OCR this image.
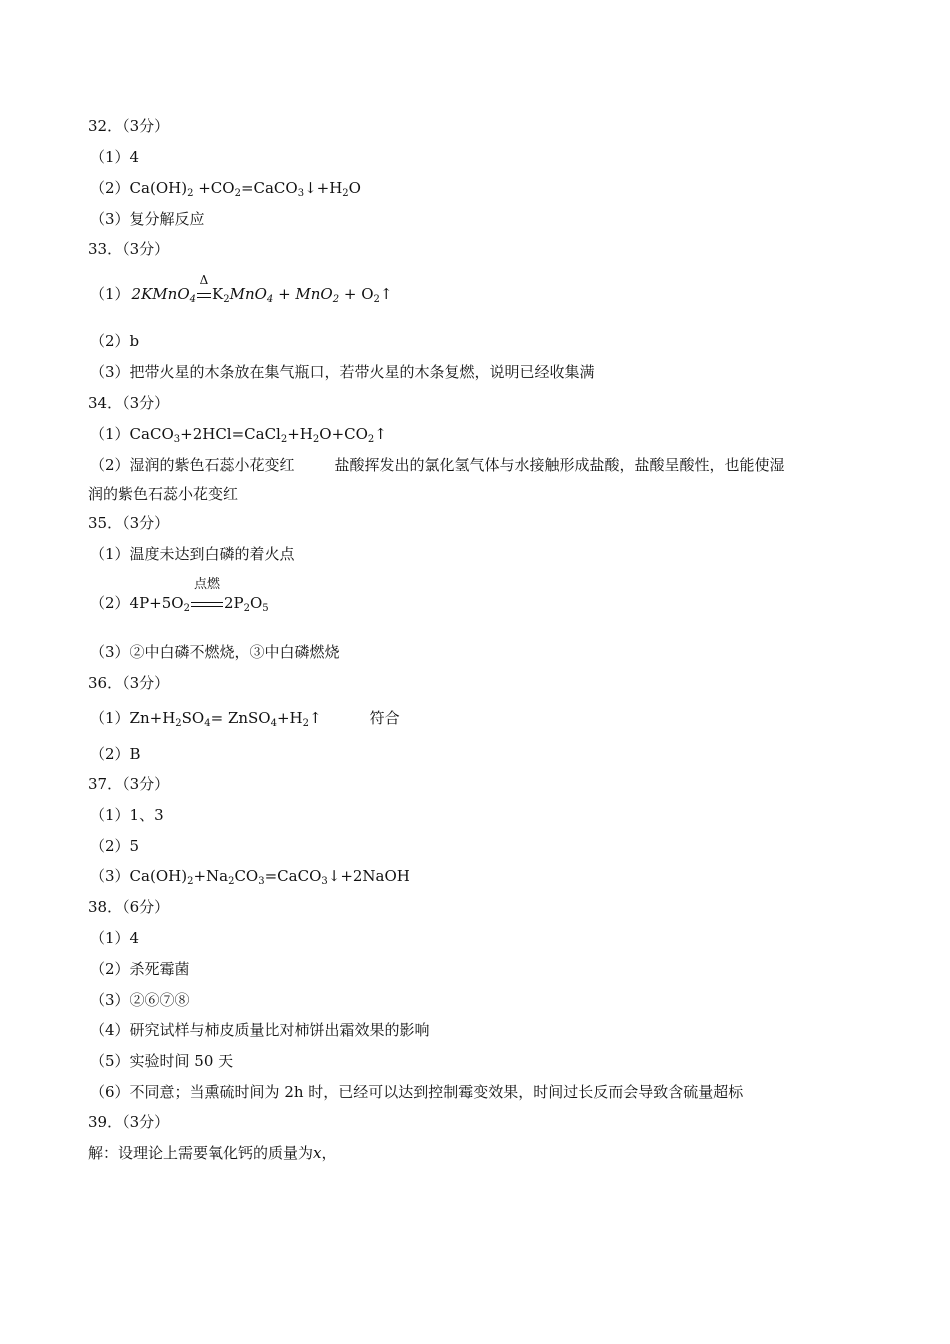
32．（3分）
（1）4
$(2)Ca(OH)_2$ $+CO_2=CaCO_3↓+H_2O$
（3）复分解反应
33．（3分）
（1） 2KMnO$_4$
Δ
$K_2MnO_4 + MnO_2$ + $O_2↑$
（2）b
（3）把带火星的木条放在集气瓶口，若带火星的木条复燃，说明已经收集满
34．（3分）
$(1)CaCO_3+2HCl=CaCl_2+H_2O+CO_2↑$
（2）湿润的紫色石蕊小花变红	盐酸挥发出的氯化氢气体与水接触形成盐酸，盐酸呈酸性，也能使湿
润的紫色石蕊小花变红
35．（3分）
（1）温度未达到白磷的着火点
$(2)4P+5O_2$
点燃
$2P_2O_5$
（3）②中白磷不燃烧，③中白磷燃烧
36．（3分）
$(1)Zn+H_2SO_4=$ $ZnSO_4+H_2↑$	符合
（2）B
37．（3分）
（1）1、3
（2）5
$(3)Ca(OH)_2+Na_2CO_3=CaCO_3↓+2NaOH$
38．（6分）
（1）4
（2）杀死霉菌
（3）②⑥⑦⑧
（4）研究试样与柿皮质量比对柿饼出霜效果的影响
（5）实验时间 50 天
（6）不同意；当熏硫时间为 2h 时，已经可以达到控制霉变效果，时间过长反而会导致含硫量超标
39．（3分）
解：设理论上需要氧化钙的质量为x，
